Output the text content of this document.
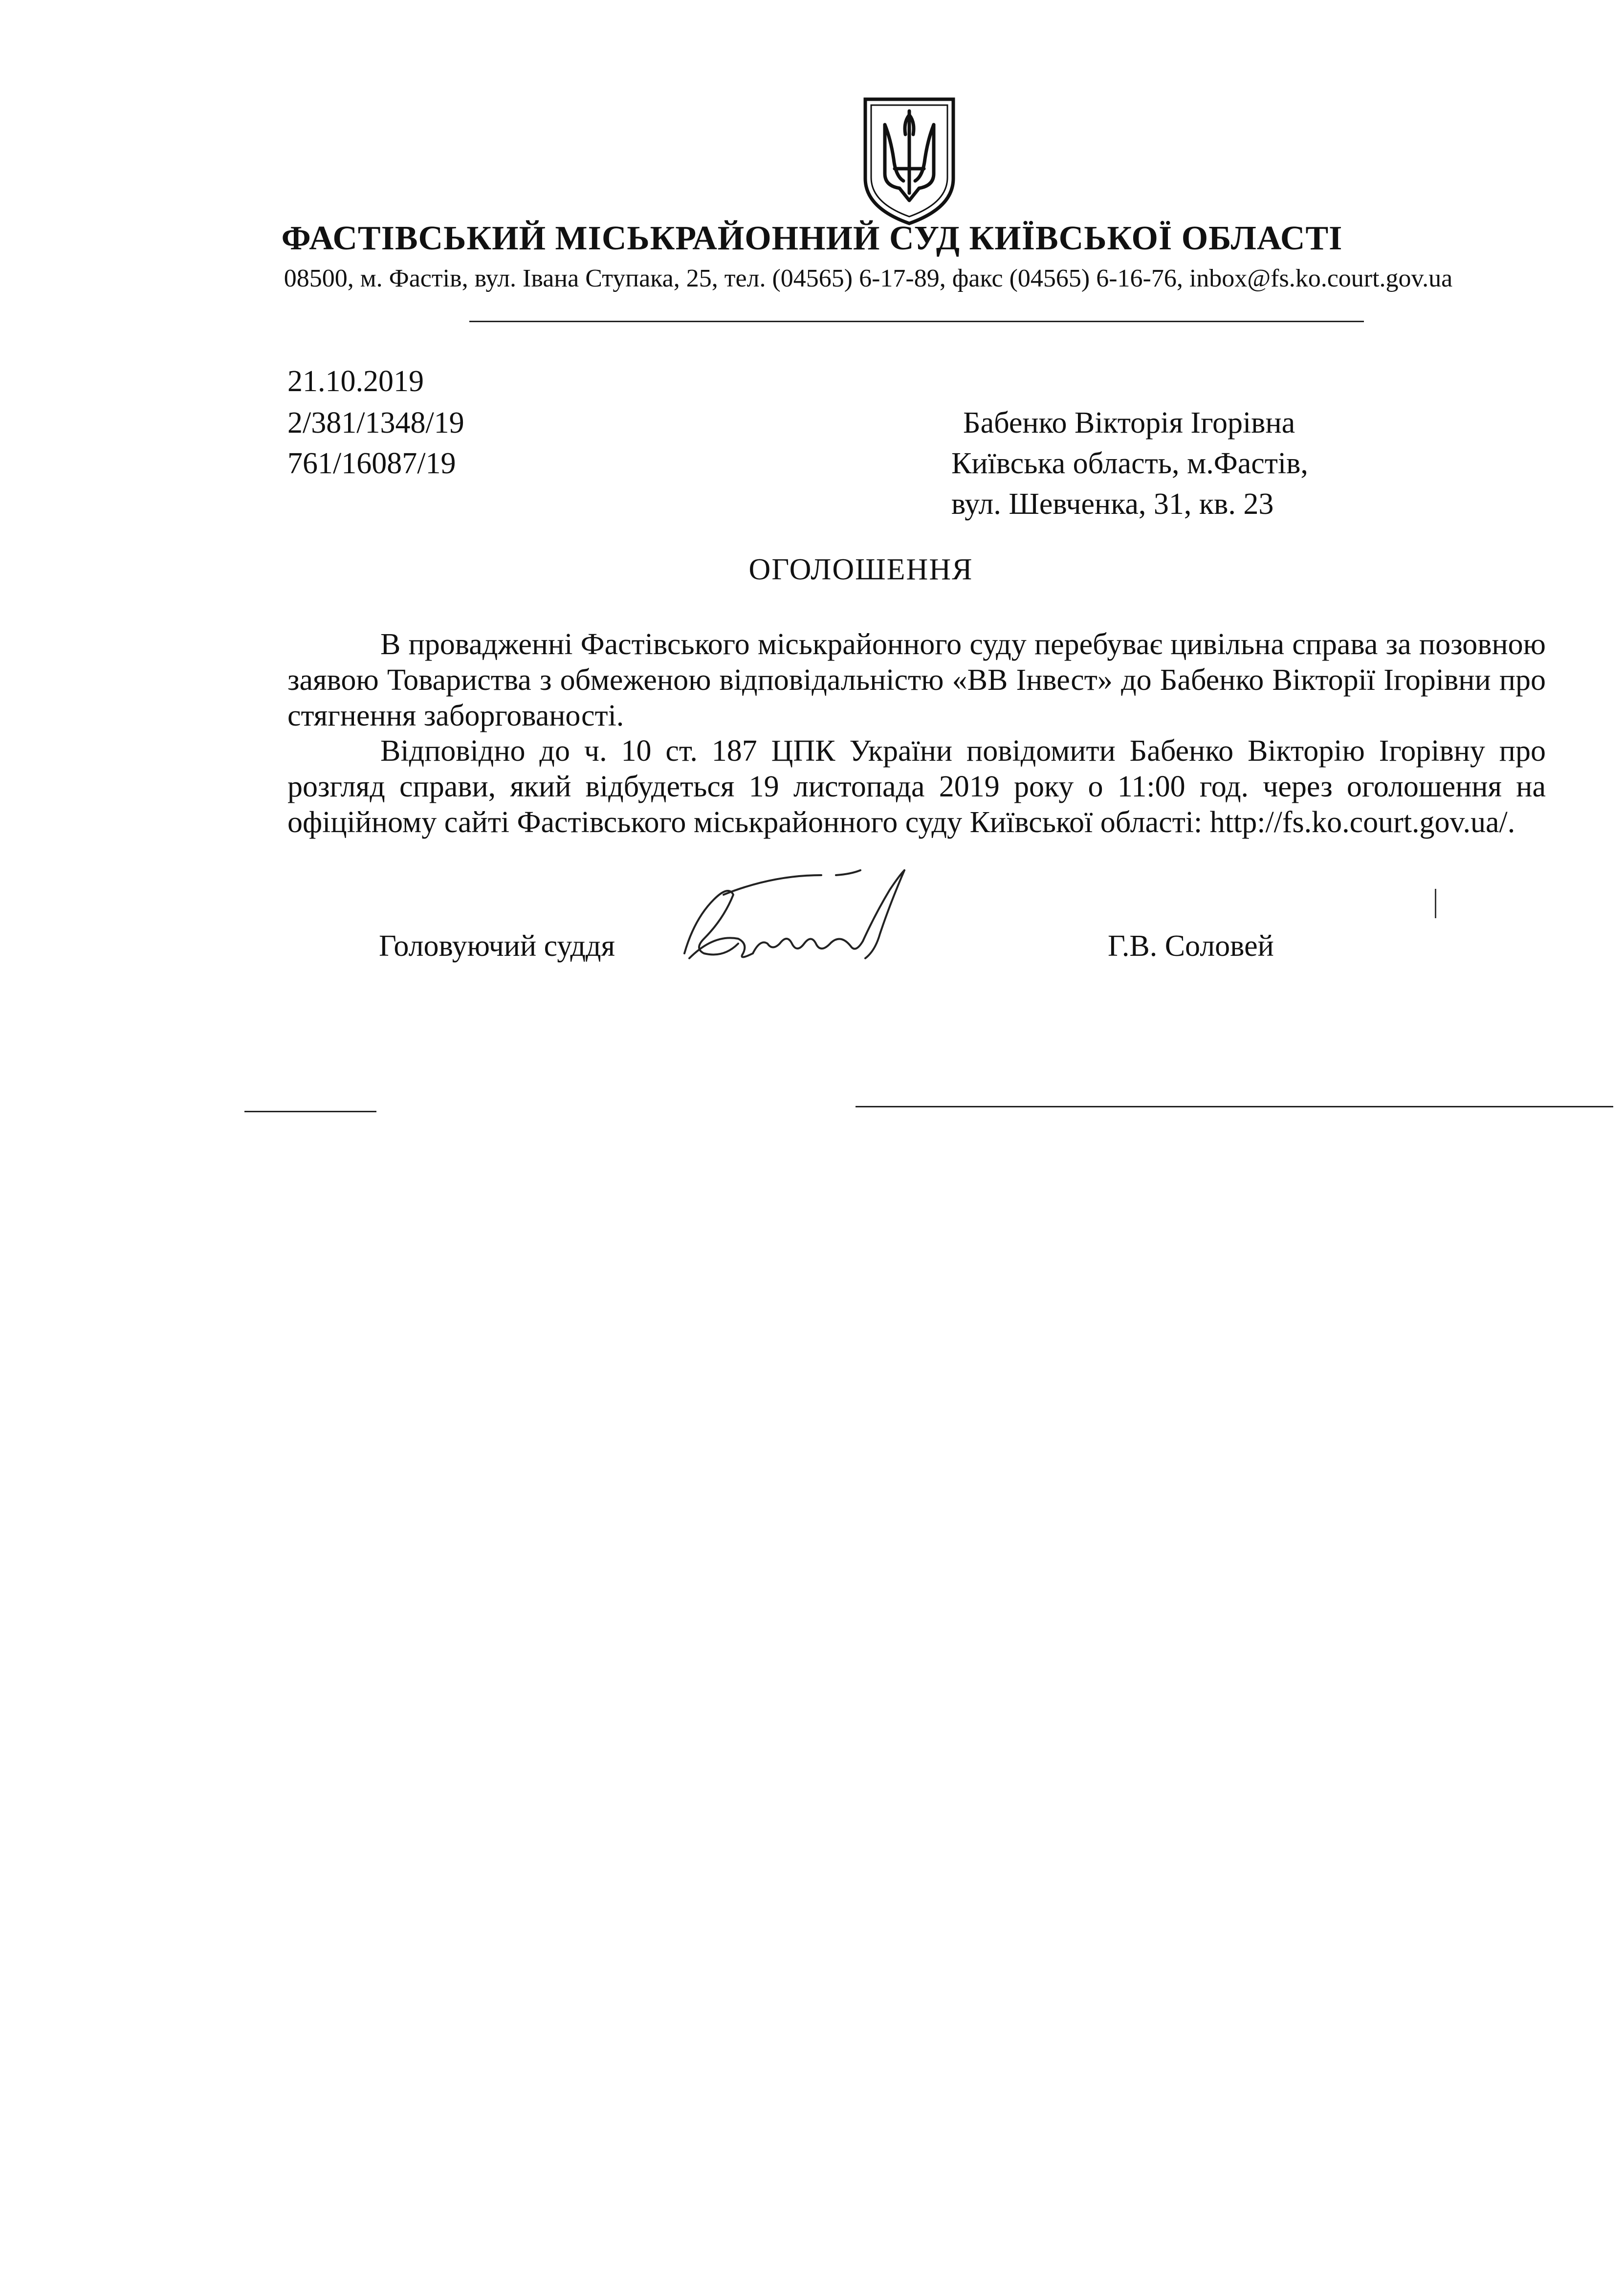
ФАСТІВСЬКИЙ МІСЬКРАЙОННИЙ СУД КИЇВСЬКОЇ ОБЛАСТІ
08500, м. Фастів, вул. Івана Ступака, 25, тел. (04565) 6-17-89, факс (04565) 6-16-76, inbox@fs.ko.court.gov.ua
21.10.2019
2/381/1348/19
761/16087/19
Бабенко Вікторія Ігорівна
Київська область, м.Фастів,
вул. Шевченка, 31, кв. 23
ОГОЛОШЕННЯ
В провадженні Фастівського міськрайонного суду перебуває цивільна справа за позовною заявою Товариства з обмеженою відповідальністю «ВВ Інвест» до Бабенко Вікторії Ігорівни про стягнення заборгованості.
Відповідно до ч. 10 ст. 187 ЦПК України повідомити Бабенко Вікторію Ігорівну про розгляд справи, який відбудеться 19 листопада 2019 року о 11:00 год. через оголошення на офіційному сайті Фастівського міськрайонного суду Київської області: http://fs.ko.court.gov.ua/.
Головуючий суддя	Г.В. Соловей
